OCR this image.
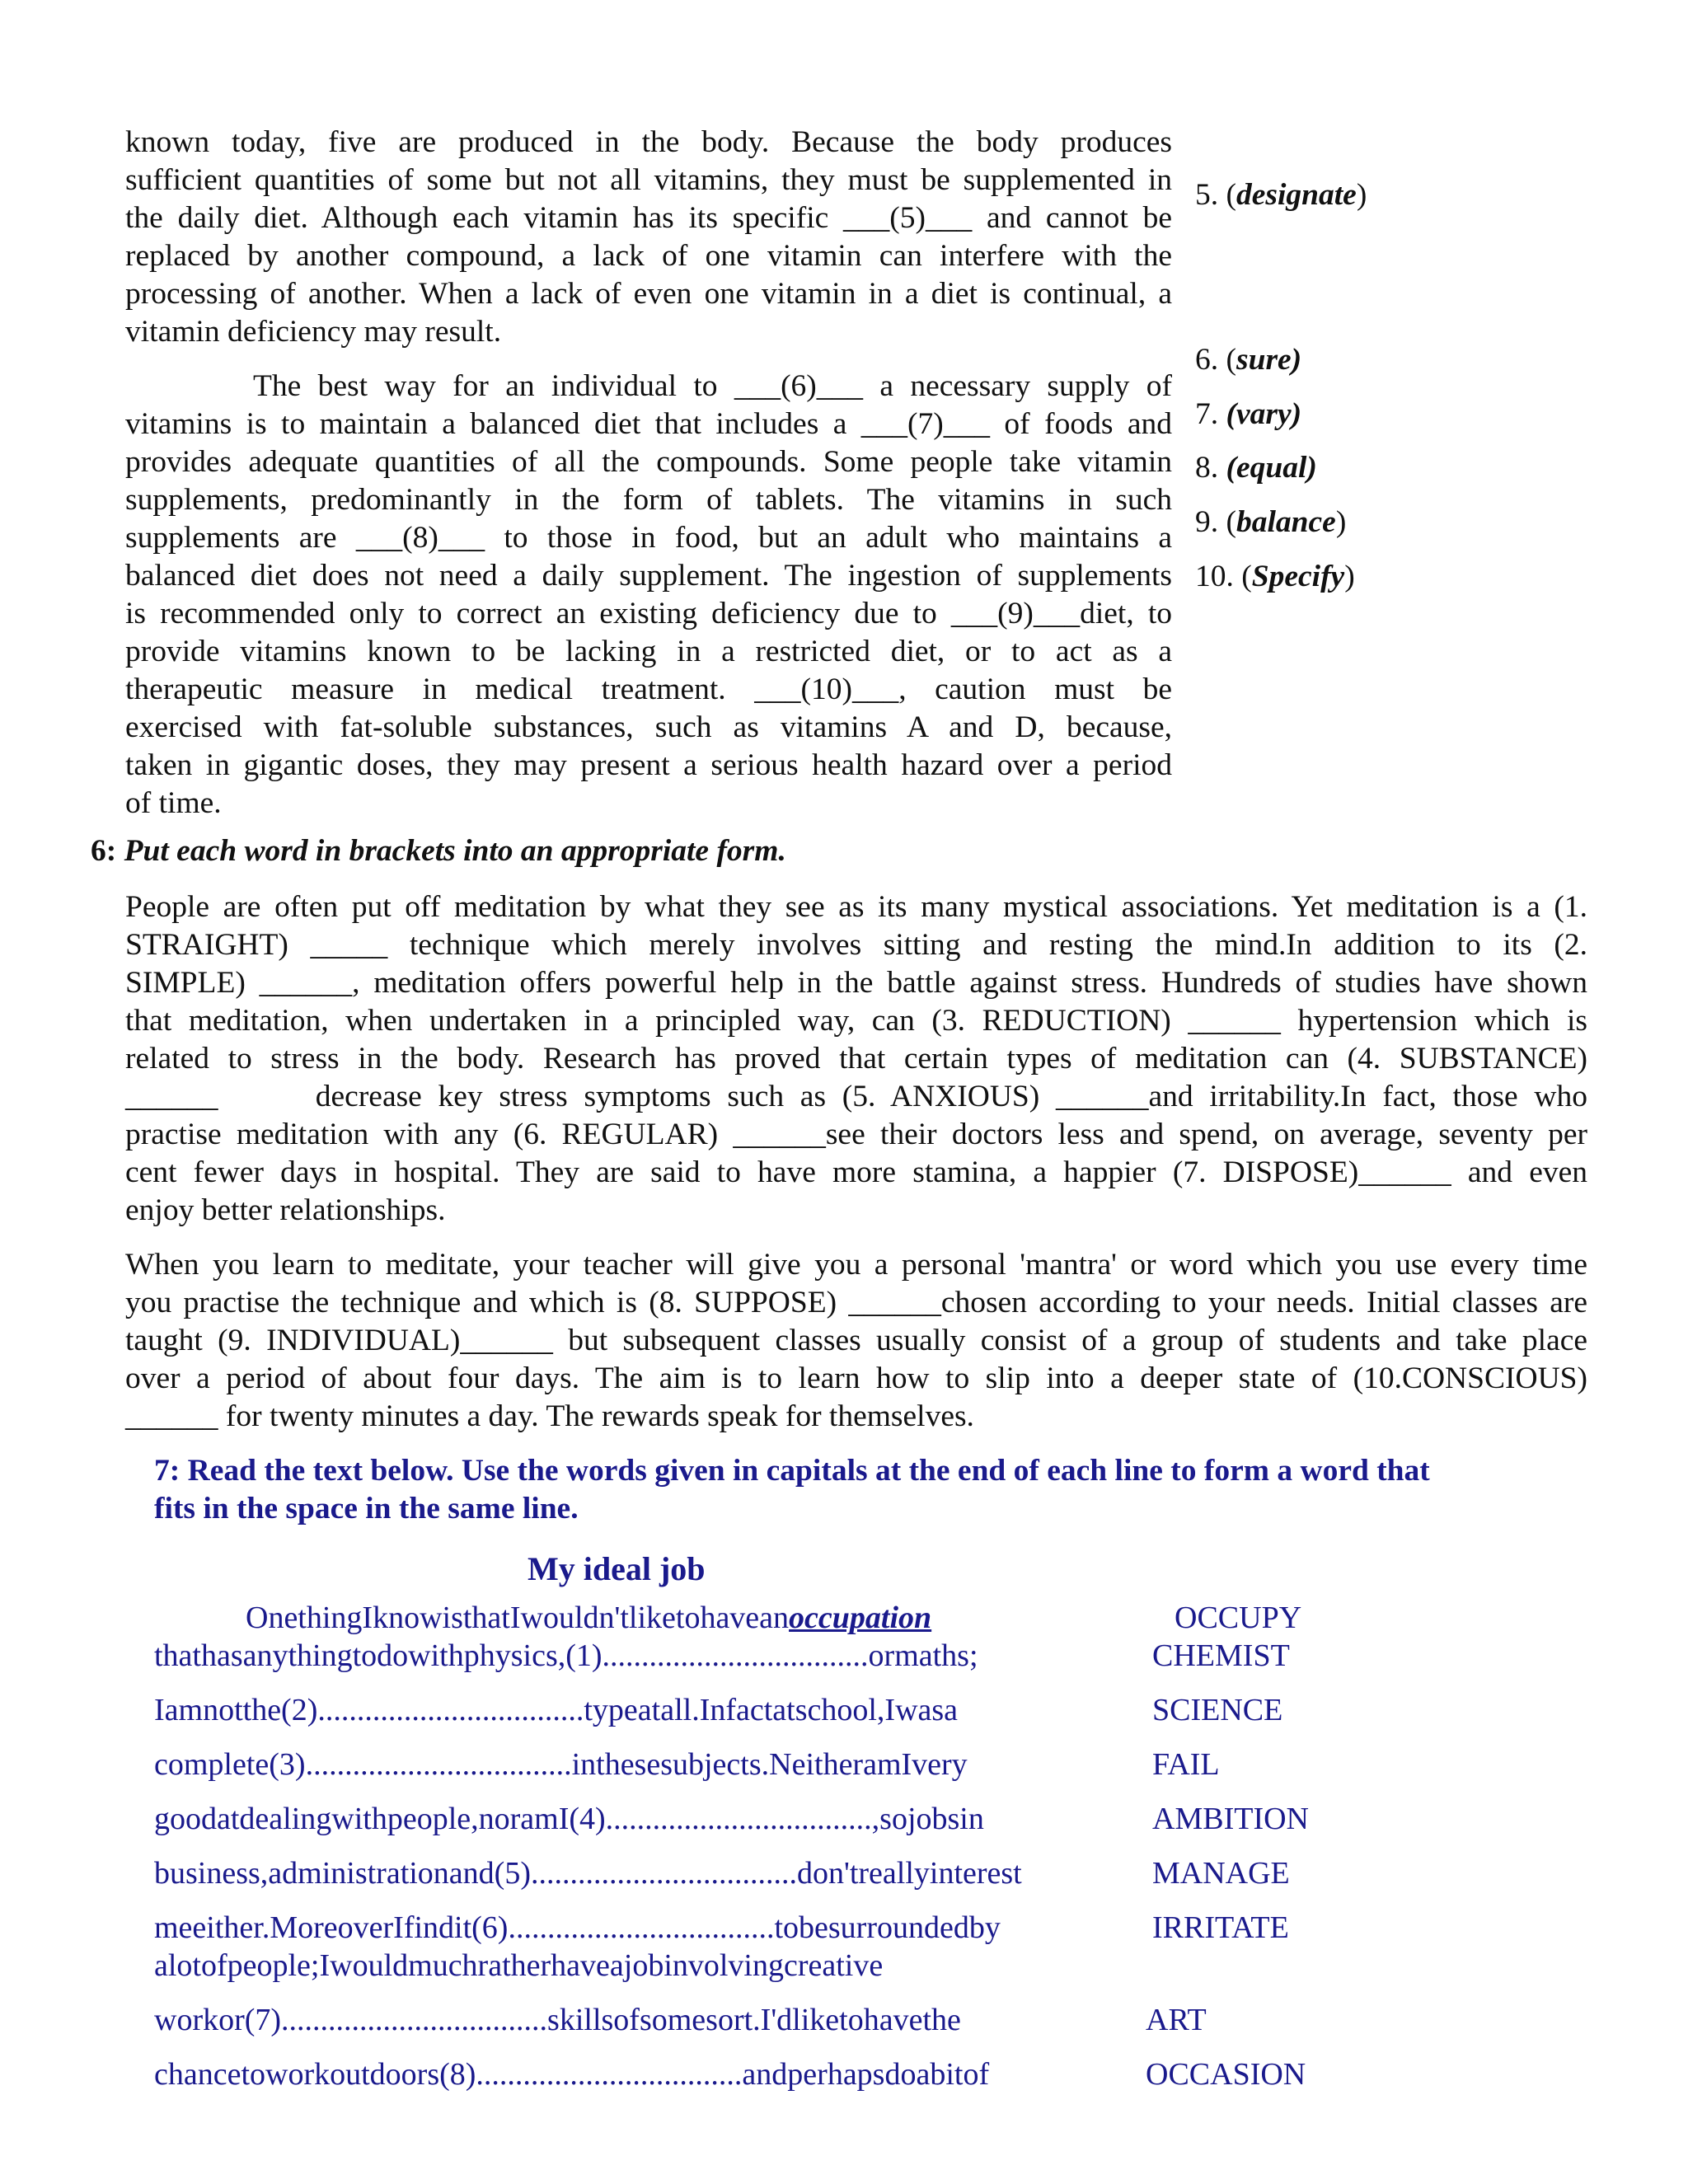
known today, five are produced in the body. Because the body produces
sufficient quantities of some but not all vitamins, they must be supplemented in
the daily diet. Although each vitamin has its specific ___(5)___ and cannot be
replaced by another compound, a lack of one vitamin can interfere with the
processing of another. When a lack of even one vitamin in a diet is continual, a
vitamin deficiency may result.
The best way for an individual to ___(6)___ a necessary supply of
vitamins is to maintain a balanced diet that includes a ___(7)___ of foods and
provides adequate quantities of all the compounds. Some people take vitamin
supplements, predominantly in the form of tablets. The vitamins in such
supplements are ___(8)___ to those in food, but an adult who maintains a
balanced diet does not need a daily supplement. The ingestion of supplements
is recommended only to correct an existing deficiency due to ___(9)___diet, to
provide vitamins known to be lacking in a restricted diet, or to act as a
therapeutic measure in medical treatment. ___(10)___, caution must be
exercised with fat-soluble substances, such as vitamins A and D, because,
taken in gigantic doses, they may present a serious health hazard over a period
of time.
5. (designate)
6. (sure)
7. (vary)
8. (equal)
9. (balance)
10. (Specify)
6: Put each word in brackets into an appropriate form.
People are often put off meditation by what they see as its many mystical associations. Yet meditation is a (1.
STRAIGHT) _____ technique which merely involves sitting and resting the mind.In addition to its (2.
SIMPLE) ______, meditation offers powerful help in the battle against stress. Hundreds of studies have shown
that meditation, when undertaken in a principled way, can (3. REDUCTION) ______ hypertension which is
related to stress in the body. Research has proved that certain types of meditation can (4. SUBSTANCE)
______      decrease key stress symptoms such as (5. ANXIOUS) ______and irritability.In fact, those who
practise meditation with any (6. REGULAR) ______see their doctors less and spend, on average, seventy per
cent fewer days in hospital. They are said to have more stamina, a happier (7. DISPOSE)______ and even
enjoy better relationships.
When you learn to meditate, your teacher will give you a personal 'mantra' or word which you use every time
you practise the technique and which is (8. SUPPOSE) ______chosen according to your needs. Initial classes are
taught (9. INDIVIDUAL)______ but subsequent classes usually consist of a group of students and take place
over a period of about four days. The aim is to learn how to slip into a deeper state of (10.CONSCIOUS)
______ for twenty minutes a day. The rewards speak for themselves.
7: Read the text below. Use the words given in capitals at the end of each line to form a word that
fits in the space in the same line.
My ideal job
OnethingIknowisthatIwouldn'tliketohaveanoccupation	OCCUPY
thathasanythingtodowithphysics,(1)..................................ormaths;	CHEMIST
Iamnotthe(2)..................................typeatall.Infactatschool,Iwasa	SCIENCE
complete(3)..................................inthesesubjects.NeitheramIvery	FAIL
goodatdealingwithpeople,noramI(4)..................................,sojobsin	AMBITION
business,administrationand(5)..................................don'treallyinterest	MANAGE
meeither.MoreoverIfindit(6)..................................tobesurroundedby	IRRITATE
alotofpeople;Iwouldmuchratherhaveajobinvolvingcreative
workor(7)..................................skillsofsomesort.I'dliketohavethe	ART
chancetoworkoutdoors(8)..................................andperhapsdoabitof	OCCASION
